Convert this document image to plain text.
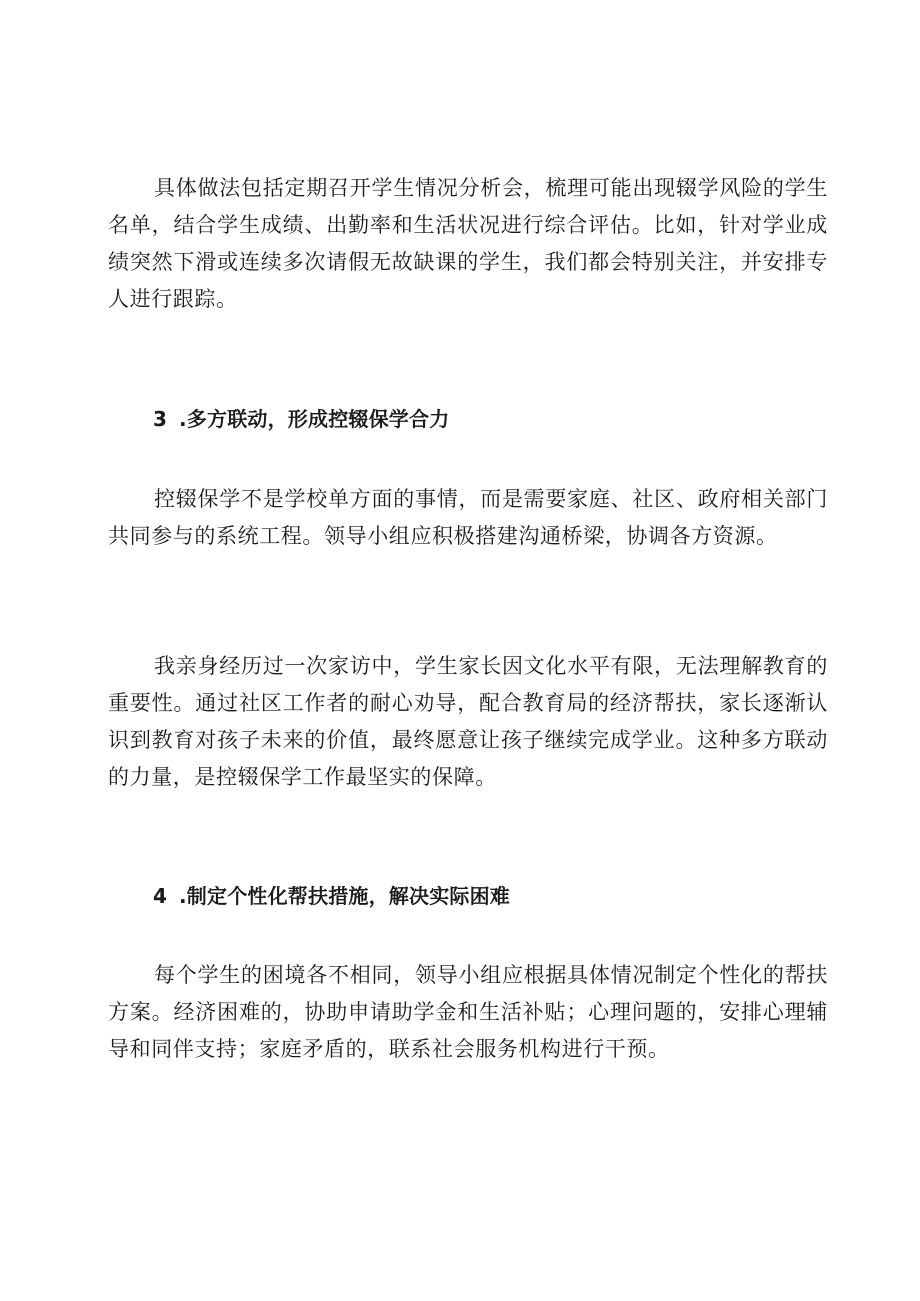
具体做法包括定期召开学生情况分析会，梳理可能出现辍学风险的学生名单，结合学生成绩、出勤率和生活状况进行综合评估。比如，针对学业成绩突然下滑或连续多次请假无故缺课的学生，我们都会特别关注，并安排专人进行跟踪。

3 .多方联动，形成控辍保学合力

控辍保学不是学校单方面的事情，而是需要家庭、社区、政府相关部门共同参与的系统工程。领导小组应积极搭建沟通桥梁，协调各方资源。

我亲身经历过一次家访中，学生家长因文化水平有限，无法理解教育的重要性。通过社区工作者的耐心劝导，配合教育局的经济帮扶，家长逐渐认识到教育对孩子未来的价值，最终愿意让孩子继续完成学业。这种多方联动的力量，是控辍保学工作最坚实的保障。

4 .制定个性化帮扶措施，解决实际困难

每个学生的困境各不相同，领导小组应根据具体情况制定个性化的帮扶方案。经济困难的，协助申请助学金和生活补贴；心理问题的，安排心理辅导和同伴支持；家庭矛盾的，联系社会服务机构进行干预。
